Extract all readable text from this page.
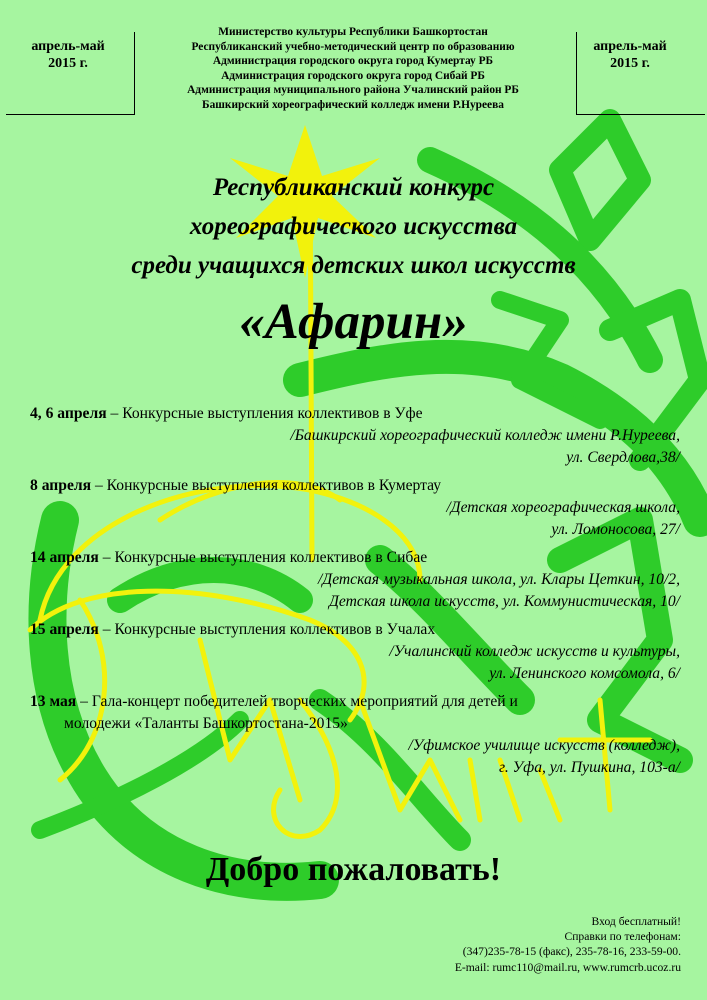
апрель-май
2015 г.
апрель-май
2015 г.
Министерство культуры Республики Башкортостан
Республиканский учебно-методический центр по образованию
Администрация городского округа город Кумертау РБ
Администрация городского округа город Сибай РБ
Администрация муниципального района Учалинский район РБ
Башкирский хореографический колледж имени Р.Нуреева
Республиканский конкурс
хореографического искусства
среди учащихся детских школ искусств
«Афарин»
4, 6 апреля – Конкурсные выступления коллективов в Уфе
/Башкирский хореографический колледж имени Р.Нуреева,
ул. Свердлова,38/
8 апреля – Конкурсные выступления коллективов в Кумертау
/Детская хореографическая школа,
ул. Ломоносова, 27/
14 апреля – Конкурсные выступления коллективов в Сибае
/Детская музыкальная школа, ул. Клары Цеткин, 10/2,
Детская школа искусств, ул. Коммунистическая, 10/
15 апреля – Конкурсные выступления коллективов в Учалах
/Учалинский колледж искусств и культуры,
ул. Ленинского комсомола, 6/
13 мая – Гала-концерт победителей творческих мероприятий для детей и
молодежи «Таланты Башкортостана-2015»
/Уфимское училище искусств (колледж),
г. Уфа, ул. Пушкина, 103-а/
Добро пожаловать!
Вход бесплатный!
Справки по телефонам:
(347)235-78-15 (факс), 235-78-16, 233-59-00.
E-mail: rumc110@mail.ru, www.rumcrb.ucoz.ru
